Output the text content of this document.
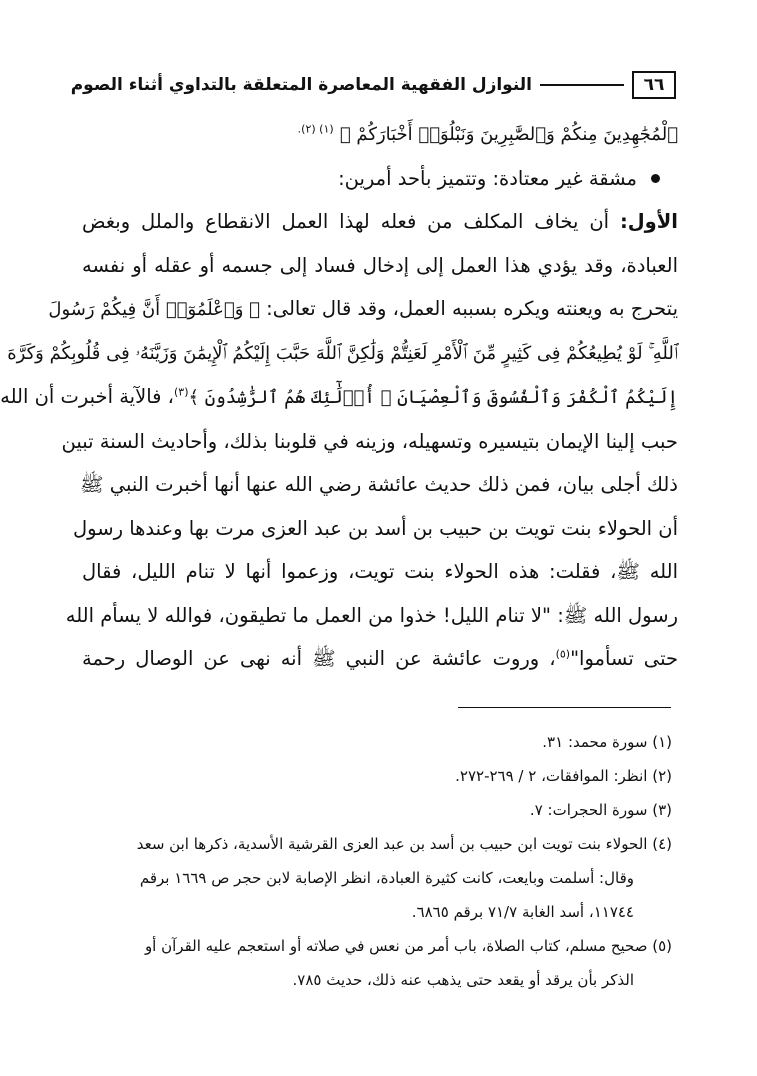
٦٦
النوازل الفقهية المعاصرة المتعلقة بالتداوي أثناء الصوم
ٱلْمُجَٰهِدِينَ مِنكُمْ وَٱلصَّٰبِرِينَ وَنَبْلُوَا۟ أَخْبَارَكُمْ ﴾ $^{(١) (٢).}$
مشقة غير معتادة: وتتميز بأحد أمرين:
الأول: أن يخاف المكلف من فعله لهذا العمل الانقطاع والملل وبغض
العبادة، وقد يؤدي هذا العمل إلى إدخال فساد إلى جسمه أو عقله أو نفسه
يتحرج به ويعنته ويكره بسببه العمل، وقد قال تعالى: ﴿ وَٱعْلَمُوٓا۟ أَنَّ فِيكُمْ رَسُولَ
ٱللَّهِ ۚ لَوْ يُطِيعُكُمْ فِى كَثِيرٍ مِّنَ ٱلْأَمْرِ لَعَنِتُّمْ وَلَٰكِنَّ ٱللَّهَ حَبَّبَ إِلَيْكُمُ ٱلْإِيمَٰنَ وَزَيَّنَهُۥ فِى قُلُوبِكُمْ وَكَرَّهَ
إِلَيْكُمُ ٱلْكُفْرَ وَٱلْفُسُوقَ وَٱلْعِصْيَانَ ۚ أُو۟لَٰٓئِكَ هُمُ ٱلرَّٰشِدُونَ ﴾$^{(٣)}$، فالآية أخبرت أن الله
حبب إلينا الإيمان بتيسيره وتسهيله، وزينه في قلوبنا بذلك، وأحاديث السنة تبين
ذلك أجلى بيان، فمن ذلك حديث عائشة رضي الله عنها أنها أخبرت النبي ﷺ
أن الحولاء بنت تويت بن حبيب بن أسد بن عبد العزى مرت بها وعندها رسول
الله ﷺ، فقلت: هذه الحولاء بنت تويت، وزعموا أنها لا تنام الليل، فقال
رسول الله ﷺ: "لا تنام الليل! خذوا من العمل ما تطيقون، فوالله لا يسأم الله
حتى تسأموا"$^{(٥)}$، وروت عائشة عن النبي ﷺ أنه نهى عن الوصال رحمة
(١) سورة محمد: ٣١.
(٢) انظر: الموافقات، ٢ / ٢٦٩-٢٧٢.
(٣) سورة الحجرات: ٧.
(٤) الحولاء بنت تويت ابن حبيب بن أسد بن عبد العزى القرشية الأسدية، ذكرها ابن سعد
وقال: أسلمت وبايعت، كانت كثيرة العبادة، انظر الإصابة لابن حجر ص ١٦٦٩ برقم
١١٧٤٤، أسد الغابة ٧١/٧ برقم ٦٨٦٥.
(٥) صحيح مسلم، كتاب الصلاة، باب أمر من نعس في صلاته أو استعجم عليه القرآن أو
الذكر بأن يرقد أو يقعد حتى يذهب عنه ذلك، حديث ٧٨٥.
